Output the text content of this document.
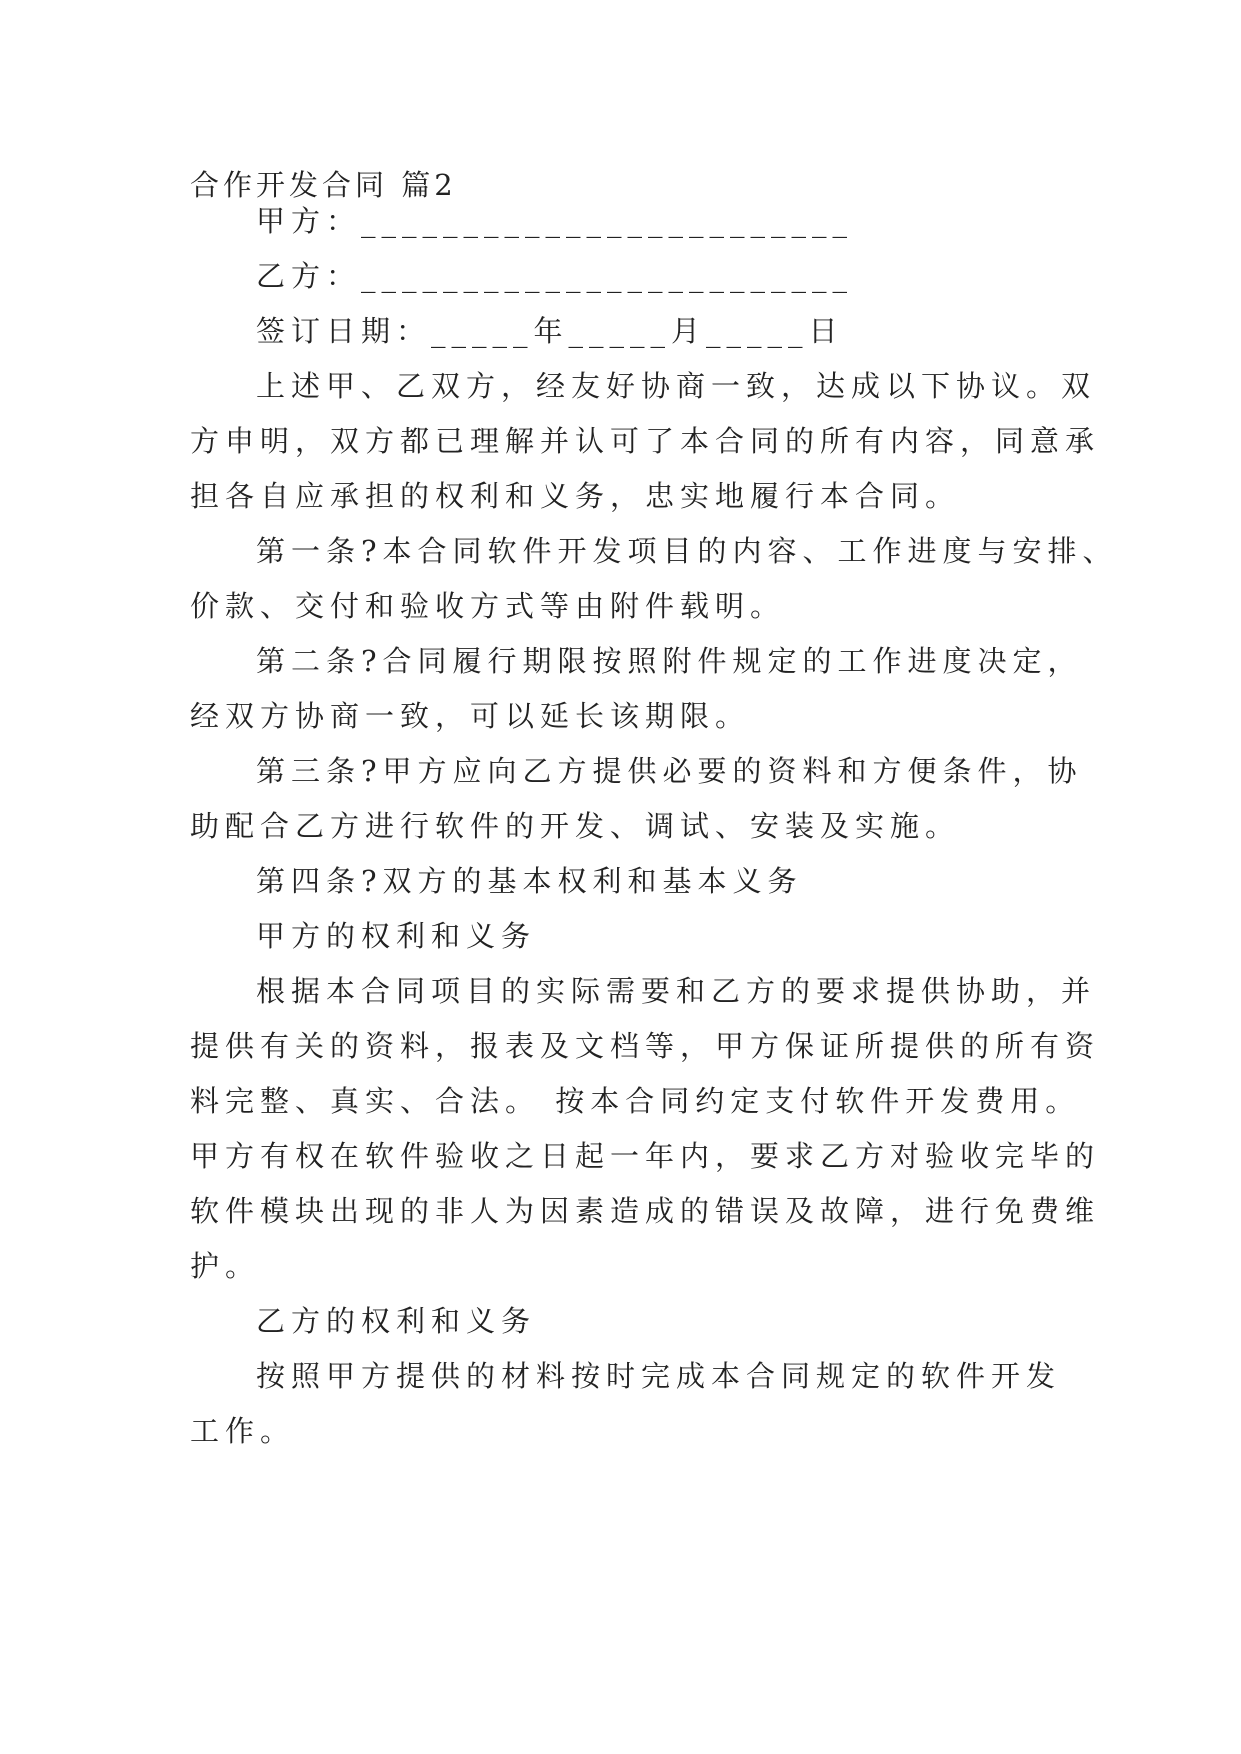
合作开发合同 篇2
甲方：________________________
乙方：________________________
签订日期：_____年_____月_____日
上述甲、乙双方，经友好协商一致，达成以下协议。双
方申明，双方都已理解并认可了本合同的所有内容，同意承
担各自应承担的权利和义务，忠实地履行本合同。
第一条?本合同软件开发项目的内容、工作进度与安排、
价款、交付和验收方式等由附件载明。
第二条?合同履行期限按照附件规定的工作进度决定，
经双方协商一致，可以延长该期限。
第三条?甲方应向乙方提供必要的资料和方便条件，协
助配合乙方进行软件的开发、调试、安装及实施。
第四条?双方的基本权利和基本义务
甲方的权利和义务
根据本合同项目的实际需要和乙方的要求提供协助，并
提供有关的资料，报表及文档等，甲方保证所提供的所有资
料完整、真实、合法。 按本合同约定支付软件开发费用。
甲方有权在软件验收之日起一年内，要求乙方对验收完毕的
软件模块出现的非人为因素造成的错误及故障，进行免费维
护。
乙方的权利和义务
按照甲方提供的材料按时完成本合同规定的软件开发
工作。
